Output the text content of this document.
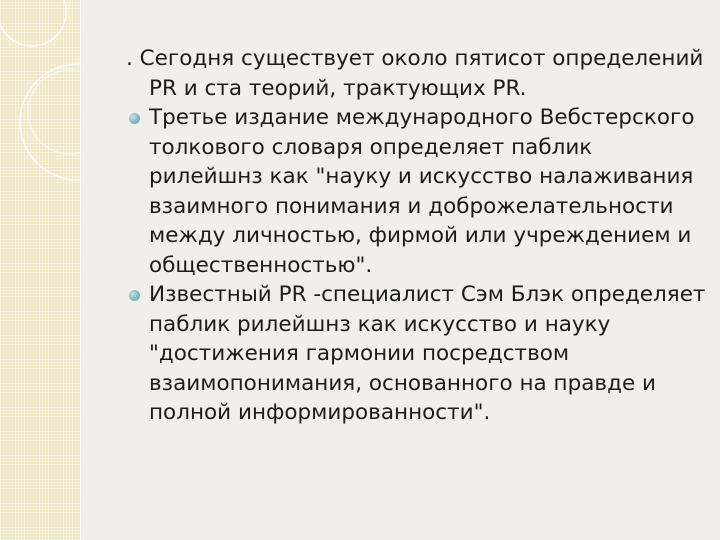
. Сегодня существует около пятисот определений PR и ста теорий, трактующих PR.
Третье издание международного Вебстерского толкового словаря определяет паблик рилейшнз как "науку и искусство налаживания взаимного понимания и доброжелательности между личностью, фирмой или учреждением и общественностью".
Известный PR -специалист Сэм Блэк определяет паблик рилейшнз как искусство и науку "достижения гармонии посредством взаимопонимания, основанного на правде и полной информированности".
